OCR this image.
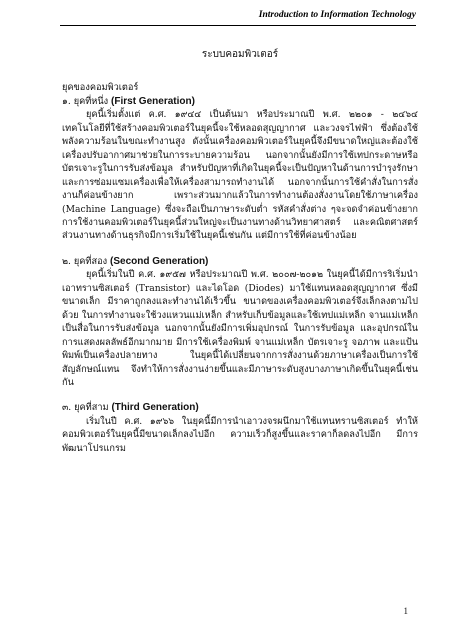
Introduction to Information Technology
ระบบคอมพิวเตอร์
ยุคของคอมพิวเตอร์
๑. ยุคที่หนึ่ง (First Generation)

ยุคนี้เริ่มตั้งแต่ ค.ศ. ๑๙๔๔ เป็นต้นมา หรือประมาณปี พ.ศ. ๒๒๐๑ - ๒๔๖๔ เทคโนโลยีที่ใช้สร้างคอมพิวเตอร์ในยุคนี้จะใช้หลอดสุญญากาศ และวงจรไฟฟ้า ซึ่งต้องใช้พลังความร้อนในขณะทำงานสูง ดังนั้นเครื่องคอมพิวเตอร์ในยุคนี้จึงมีขนาดใหญ่และต้องใช้เครื่องปรับอากาศมาช่วยในการระบายความร้อน นอกจากนั้นยังมีการใช้เทปกระดาษหรือบัตรเจาะรูในการรับส่งข้อมูล สำหรับปัญหาที่เกิดในยุคนี้จะเป็นปัญหาในด้านการบำรุงรักษาและการซ่อมแซมเครื่องเพื่อให้เครื่องสามารถทำงานได้ นอกจากนั้นการใช้คำสั่งในการสั่งงานก็ค่อนข้างยาก เพราะส่วนมากแล้วในการทำงานต้องสั่งงานโดยใช้ภาษาเครื่อง (Machine Language) ซึ่งจะถือเป็นภาษาระดับต่ำ รหัสคำสั่งต่าง ๆจะจดจำค่อนข้างยาก การใช้งานคอมพิวเตอร์ในยุคนี้ส่วนใหญ่จะเป็นงานทางด้านวิทยาศาสตร์ และคณิตศาสตร์ ส่วนงานทางด้านธุรกิจมีการเริ่มใช้ในยุคนี้เช่นกัน แต่มีการใช้ที่ค่อนข้างน้อย

๒. ยุคที่สอง (Second Generation)

ยุคนี้เริ่มในปี ค.ศ. ๑๙๕๗ หรือประมาณปี พ.ศ. ๒๐๐๗-๒๐๑๒ ในยุคนี้ได้มีการริเริ่มนำเอาทรานซิสเตอร์ (Transistor) และไดโอด (Diodes) มาใช้แทนหลอดสุญญากาศ ซึ่งมีขนาดเล็ก มีราคาถูกลงและทำงานได้เร็วขึ้น ขนาดของเครื่องคอมพิวเตอร์จึงเล็กลงตามไปด้วย ในการทำงานจะใช้วงแหวนแม่เหล็ก สำหรับเก็บข้อมูลและใช้เทปแม่เหล็ก จานแม่เหล็กเป็นสื่อในการรับส่งข้อมูล นอกจากนั้นยังมีการเพิ่มอุปกรณ์ ในการรับข้อมูล และอุปกรณ์ในการแสดงผลลัพธ์อีกมากมาย มีการใช้เครื่องพิมพ์ จานแม่เหล็ก บัตรเจาะรู จอภาพ และแป้นพิมพ์เป็นเครื่องปลายทาง ในยุคนี้ได้เปลี่ยนจากการสั่งงานด้วยภาษาเครื่องเป็นการใช้สัญลักษณ์แทน จึงทำให้การสั่งงานง่ายขึ้นและมีภาษาระดับสูงบางภาษาเกิดขึ้นในยุคนี้เช่นกัน

๓. ยุคที่สาม (Third Generation)

เริ่มในปี ค.ศ. ๑๙๖๖ ในยุคนี้มีการนำเอาวงจรผนึกมาใช้แทนทรานซิสเตอร์ ทำให้คอมพิวเตอร์ในยุคนี้มีขนาดเล็กลงไปอีก ความเร็วก็สูงขึ้นและราคาก็ลดลงไปอีก มีการพัฒนาโปรแกรม

1
